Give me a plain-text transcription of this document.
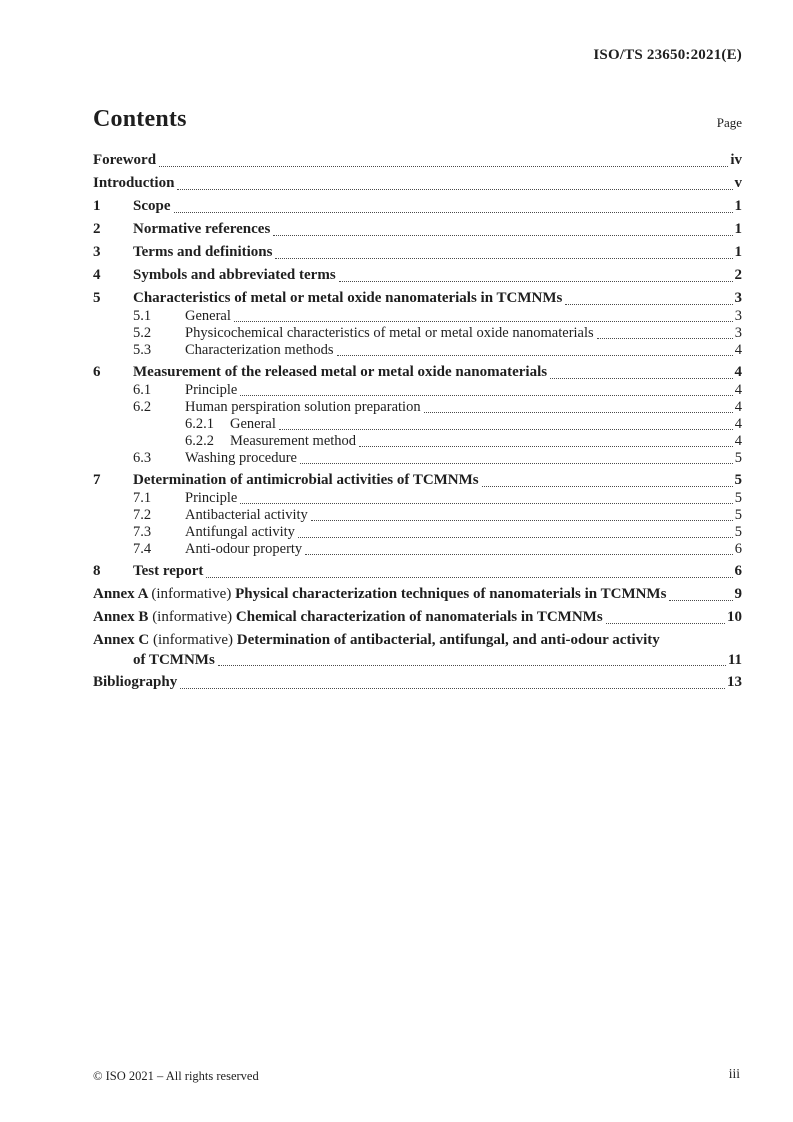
ISO/TS 23650:2021(E)
Contents	Page
Foreword	iv
Introduction	v
1	Scope	1
2	Normative references	1
3	Terms and definitions	1
4	Symbols and abbreviated terms	2
5	Characteristics of metal or metal oxide nanomaterials in TCMNMs	3
5.1	General	3
5.2	Physicochemical characteristics of metal or metal oxide nanomaterials	3
5.3	Characterization methods	4
6	Measurement of the released metal or metal oxide nanomaterials	4
6.1	Principle	4
6.2	Human perspiration solution preparation	4
6.2.1	General	4
6.2.2	Measurement method	4
6.3	Washing procedure	5
7	Determination of antimicrobial activities of TCMNMs	5
7.1	Principle	5
7.2	Antibacterial activity	5
7.3	Antifungal activity	5
7.4	Anti-odour property	6
8	Test report	6
Annex A (informative) Physical characterization techniques of nanomaterials in TCMNMs	9
Annex B (informative) Chemical characterization of nanomaterials in TCMNMs	10
Annex C (informative) Determination of antibacterial, antifungal, and anti-odour activity
of TCMNMs	11
Bibliography	13
© ISO 2021 – All rights reserved	iii
